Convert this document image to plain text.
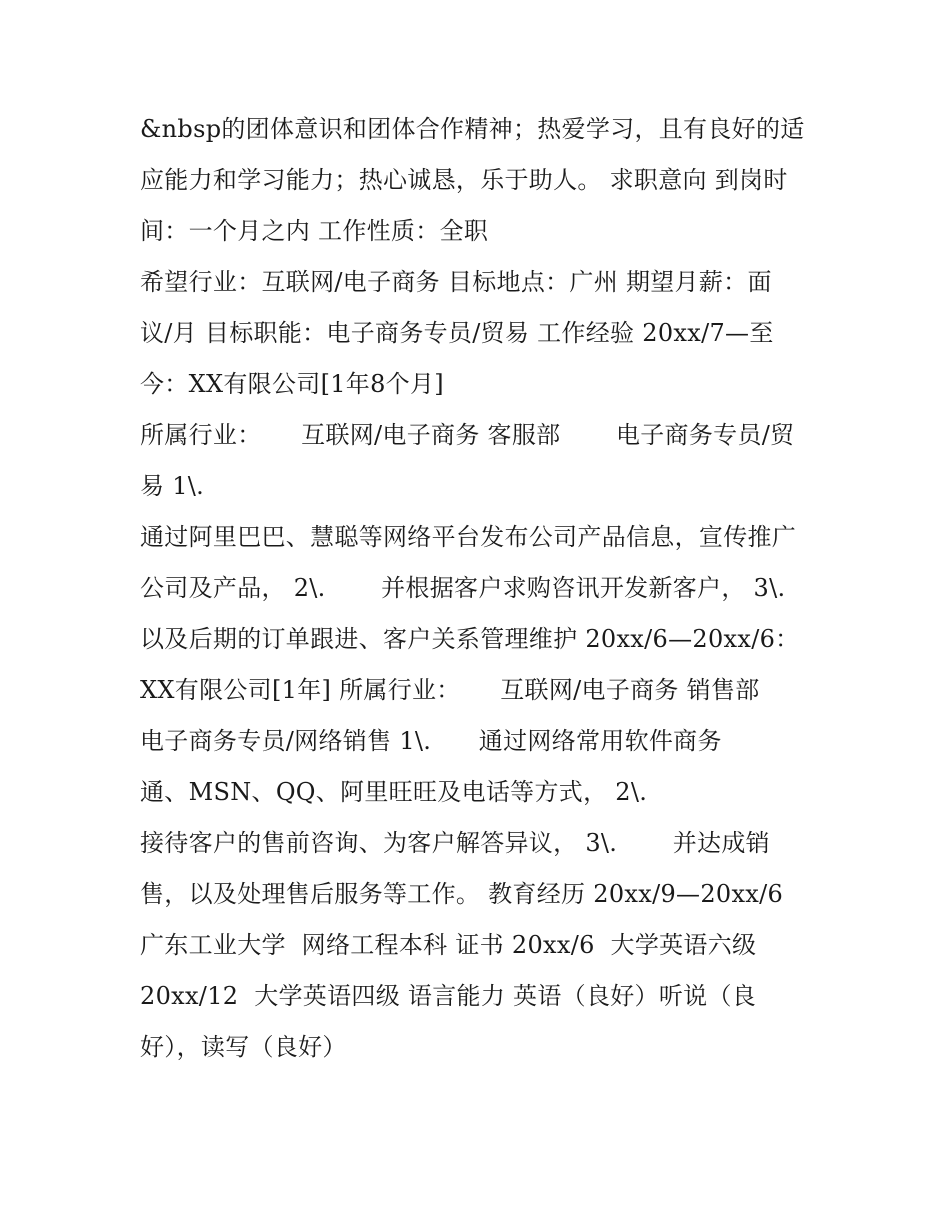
&nbsp的团体意识和团体合作精神；热爱学习，且有良好的适
应能力和学习能力；热心诚恳，乐于助人。 求职意向 到岗时
间：一个月之内 工作性质：全职
希望行业：互联网/电子商务 目标地点：广州 期望月薪：面
议/月 目标职能：电子商务专员/贸易 工作经验 20xx/7—至
今：XX有限公司[1年8个月]
所属行业：     互联网/电子商务 客服部       电子商务专员/贸
易 1\.
通过阿里巴巴、慧聪等网络平台发布公司产品信息，宣传推广
公司及产品， 2\.       并根据客户求购咨讯开发新客户， 3\.
以及后期的订单跟进、客户关系管理维护 20xx/6—20xx/6：
XX有限公司[1年] 所属行业：     互联网/电子商务 销售部
电子商务专员/网络销售 1\.      通过网络常用软件商务
通、MSN、QQ、阿里旺旺及电话等方式， 2\.
接待客户的售前咨询、为客户解答异议， 3\.       并达成销
售，以及处理售后服务等工作。 教育经历 20xx/9—20xx/6
广东工业大学  网络工程本科 证书 20xx/6  大学英语六级
20xx/12  大学英语四级 语言能力 英语（良好）听说（良
好），读写（良好）
